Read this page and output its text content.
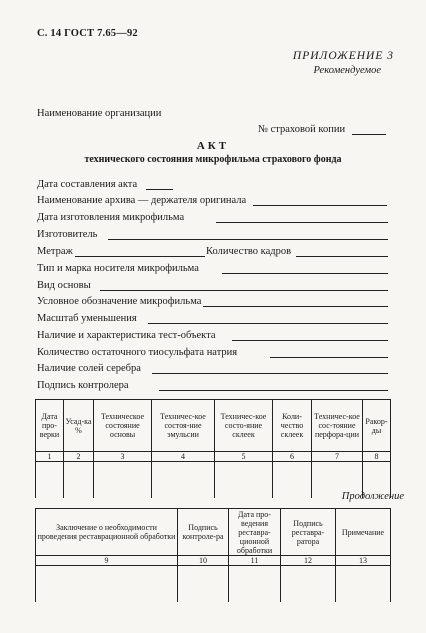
С. 14 ГОСТ 7.65—92
ПРИЛОЖЕНИЕ 3
Рекомендуемое
Наименование организации
№ страховой копии
АКТ
технического состояния микрофильма страхового фонда
Дата составления акта
Наименование архива — держателя оригинала
Дата изготовления микрофильма
Изготовитель
Метраж	Количество кадров
Тип и марка носителя микрофильма
Вид основы
Условное обозначение микрофильма
Масштаб уменьшения
Наличие и характеристика тест-объекта
Количество остаточного тиосульфата натрия
Наличие солей серебра
Подпись контролера
Дата про-верки	Усад-ка %	Техническое состояние основы	Техничес-кое состоя-ние эмульсии	Техничес-кое состо-яние склеек	Коли-чество склеек	Техничес-кое сос-тояние перфора-ции	Ракор-ды
1	2	3	4	5	6	7	8

Продолжение
Заключение о необходимости проведения реставрационной обработки	Подпись контроле-ра	Дата про-ведения реставра-ционной обработки	Подпись реставра-ратора	Примечание
9	10	11	12	13
